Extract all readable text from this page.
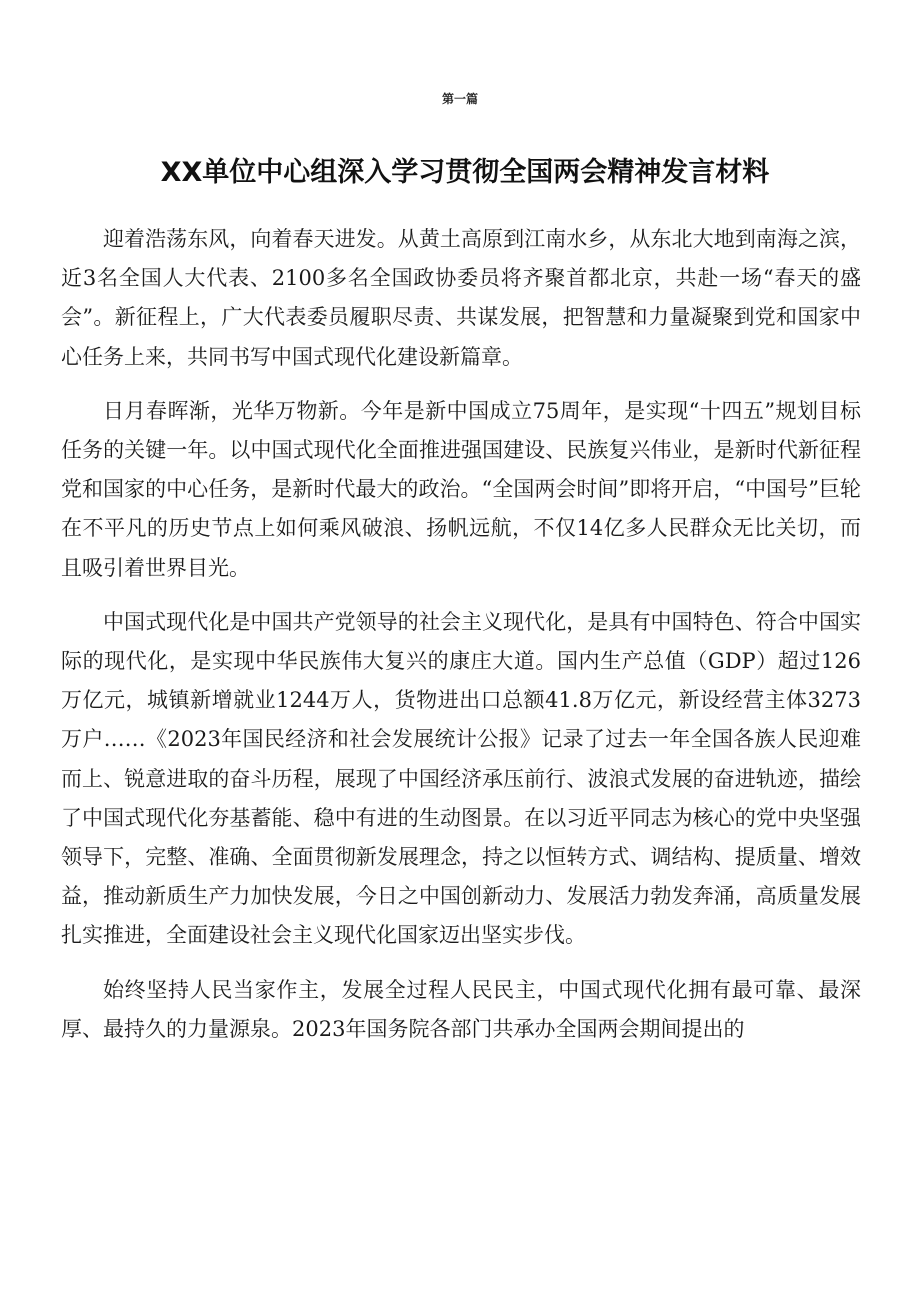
第一篇
XX单位中心组深入学习贯彻全国两会精神发言材料

迎着浩荡东风，向着春天进发。从黄土高原到江南水乡，从东北大地到南海之滨，近3名全国人大代表、2100多名全国政协委员将齐聚首都北京，共赴一场“春天的盛会”。新征程上，广大代表委员履职尽责、共谋发展，把智慧和力量凝聚到党和国家中心任务上来，共同书写中国式现代化建设新篇章。

日月春晖渐，光华万物新。今年是新中国成立75周年，是实现“十四五”规划目标任务的关键一年。以中国式现代化全面推进强国建设、民族复兴伟业，是新时代新征程党和国家的中心任务，是新时代最大的政治。“全国两会时间”即将开启，“中国号”巨轮在不平凡的历史节点上如何乘风破浪、扬帆远航，不仅14亿多人民群众无比关切，而且吸引着世界目光。

中国式现代化是中国共产党领导的社会主义现代化，是具有中国特色、符合中国实际的现代化，是实现中华民族伟大复兴的康庄大道。国内生产总值（GDP）超过126万亿元，城镇新增就业1244万人，货物进出口总额41.8万亿元，新设经营主体3273万户……《2023年国民经济和社会发展统计公报》记录了过去一年全国各族人民迎难而上、锐意进取的奋斗历程，展现了中国经济承压前行、波浪式发展的奋进轨迹，描绘了中国式现代化夯基蓄能、稳中有进的生动图景。在以习近平同志为核心的党中央坚强领导下，完整、准确、全面贯彻新发展理念，持之以恒转方式、调结构、提质量、增效益，推动新质生产力加快发展，今日之中国创新动力、发展活力勃发奔涌，高质量发展扎实推进，全面建设社会主义现代化国家迈出坚实步伐。

始终坚持人民当家作主，发展全过程人民民主，中国式现代化拥有最可靠、最深厚、最持久的力量源泉。2023年国务院各部门共承办全国两会期间提出的
